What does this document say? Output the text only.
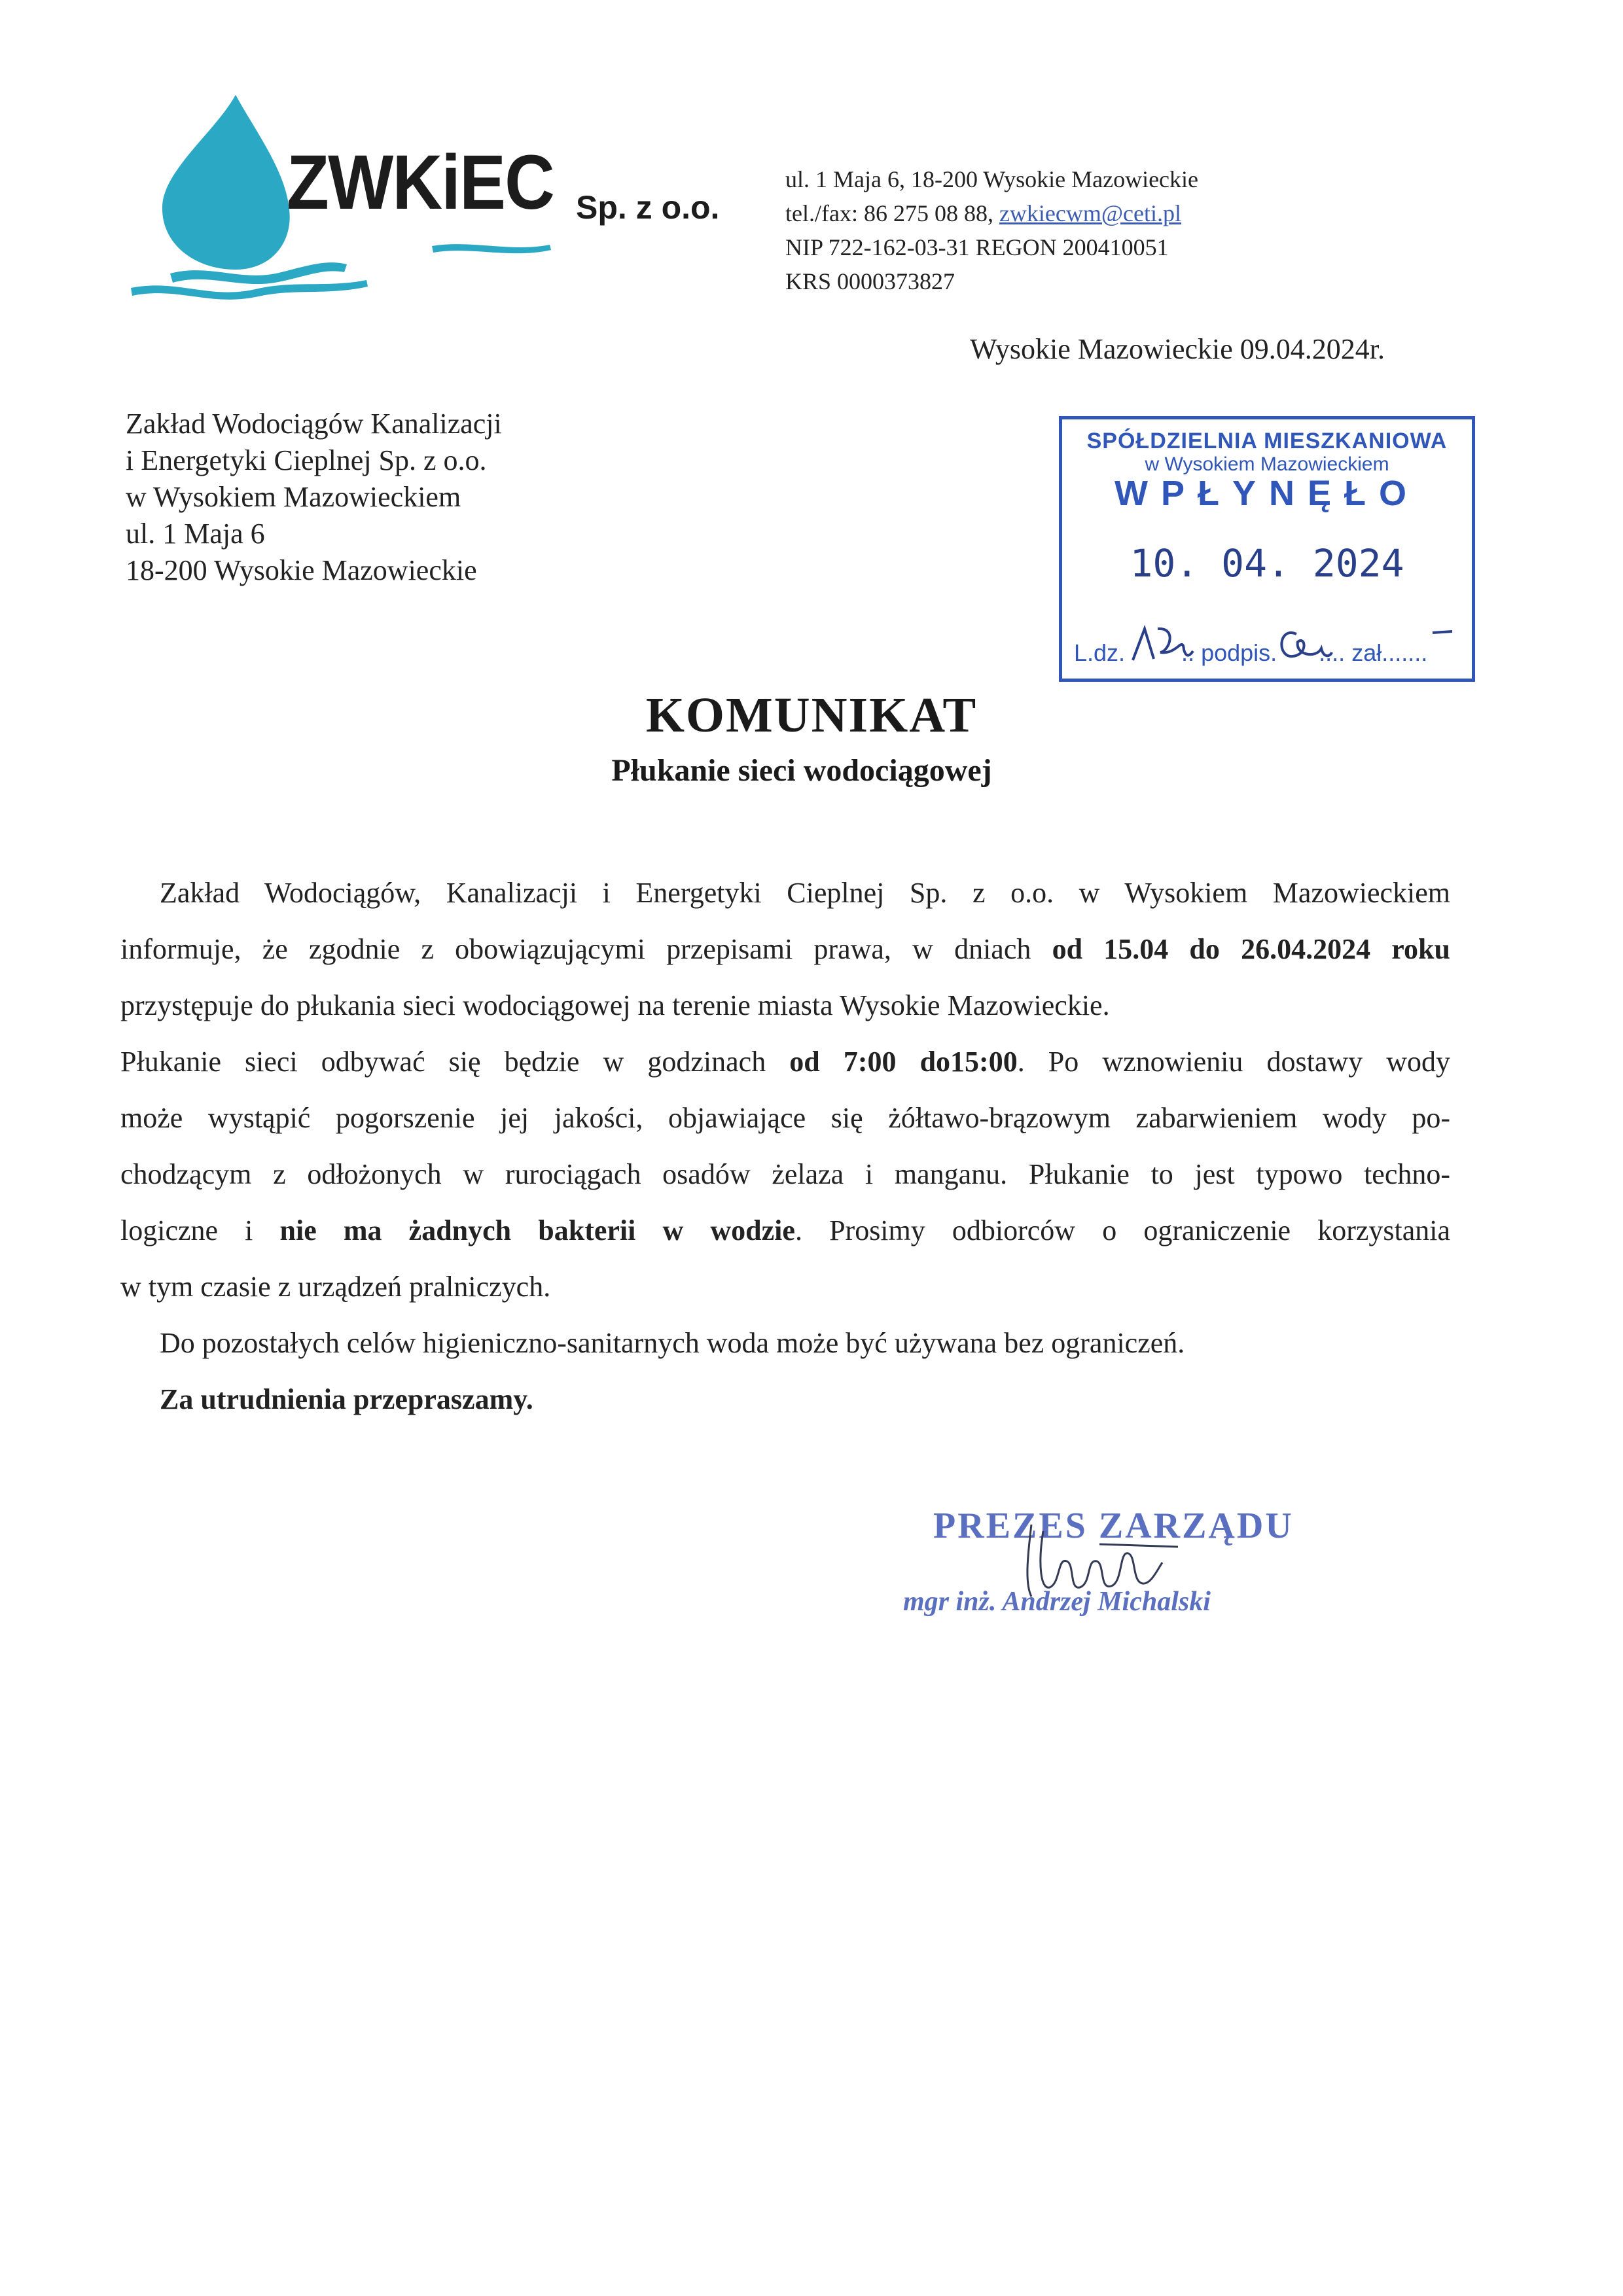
ZWKiEC Sp. z o.o.

ul. 1 Maja 6, 18-200 Wysokie Mazowieckie
tel./fax: 86 275 08 88, zwkiecwm@ceti.pl
NIP 722-162-03-31 REGON 200410051
KRS 0000373827
Wysokie Mazowieckie 09.04.2024r.
Zakład Wodociągów Kanalizacji
i Energetyki Cieplnej Sp. z o.o.
w Wysokiem Mazowieckiem
ul. 1 Maja 6
18-200 Wysokie Mazowieckie
SPÓŁDZIELNIA MIESZKANIOWA
w Wysokiem Mazowieckiem
WPŁYNĘŁO
10. 04. 2024
L.dz. .. podpis. .... zał.......
KOMUNIKAT
Płukanie sieci wodociągowej
Zakład Wodociągów, Kanalizacji i Energetyki Cieplnej Sp. z o.o. w Wysokiem Mazowieckiem
informuje, że zgodnie z obowiązującymi przepisami prawa, w dniach od 15.04 do 26.04.2024 roku
przystępuje do płukania sieci wodociągowej na terenie miasta Wysokie Mazowieckie.
Płukanie sieci odbywać się będzie w godzinach od 7:00 do15:00. Po wznowieniu dostawy wody
może wystąpić pogorszenie jej jakości, objawiające się żółtawo-brązowym zabarwieniem wody po-
chodzącym z odłożonych w rurociągach osadów żelaza i manganu. Płukanie to jest typowo techno-
logiczne i nie ma żadnych bakterii w wodzie. Prosimy odbiorców o ograniczenie korzystania
w tym czasie z urządzeń pralniczych.
Do pozostałych celów higieniczno-sanitarnych woda może być używana bez ograniczeń.
Za utrudnienia przepraszamy.

PREZES ZARZĄDU

mgr inż. Andrzej Michalski
